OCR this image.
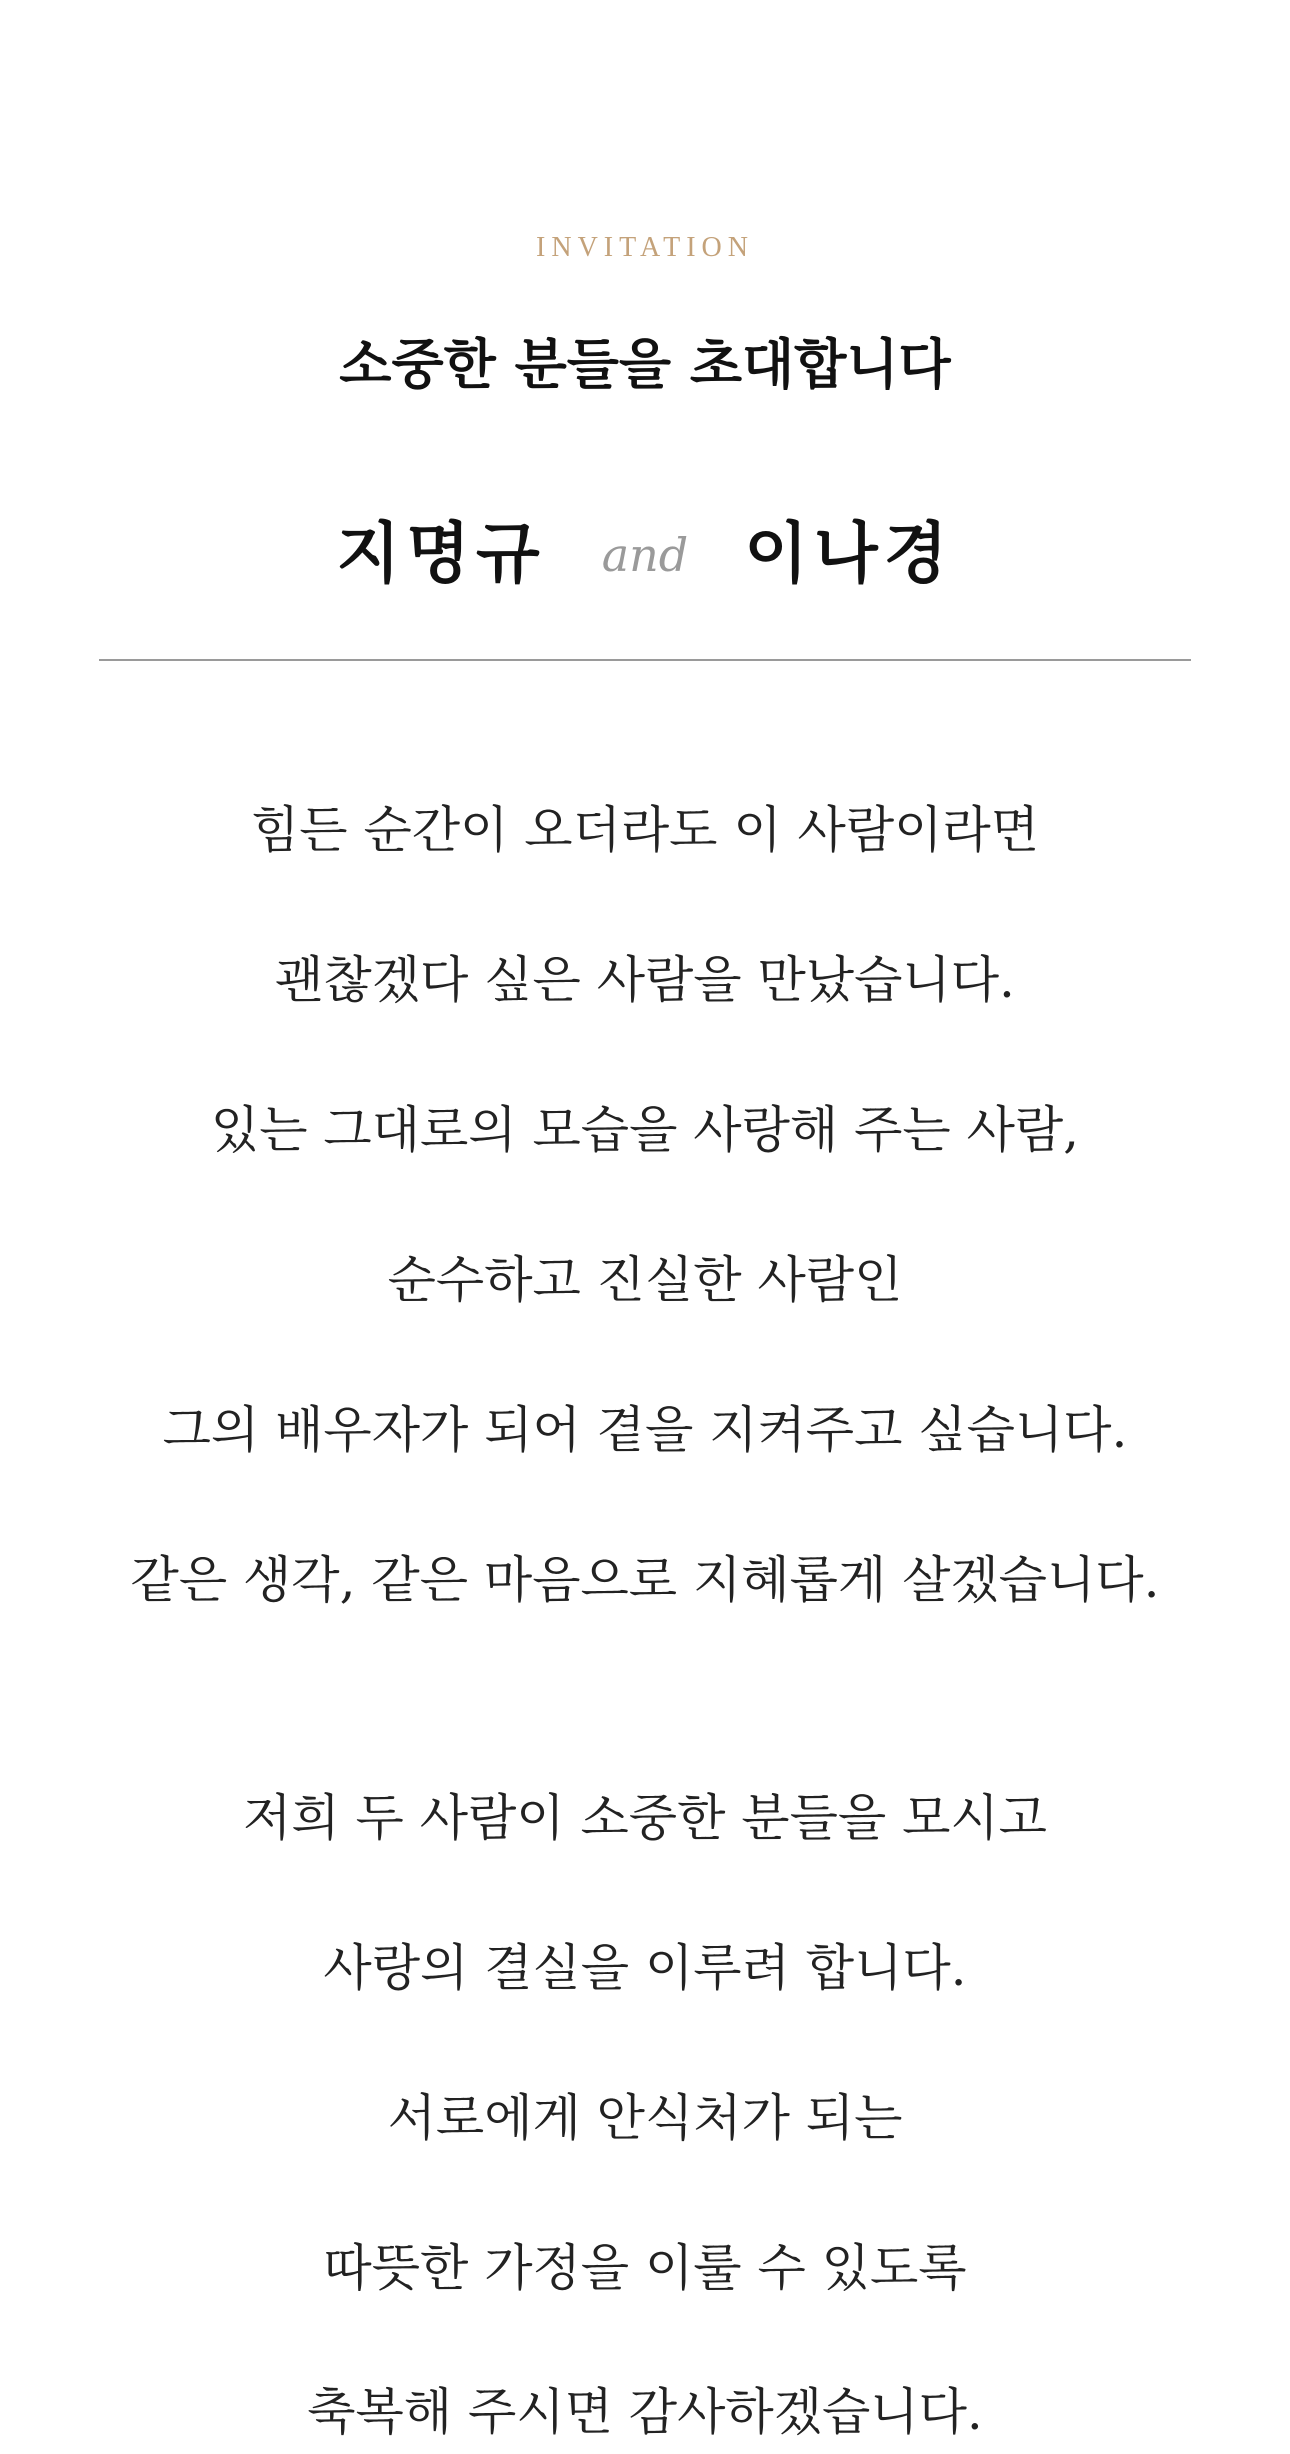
INVITATION
소중한 분들을 초대합니다
지명규 and 이나경
힘든 순간이 오더라도 이 사람이라면
괜찮겠다 싶은 사람을 만났습니다.
있는 그대로의 모습을 사랑해 주는 사람,
순수하고 진실한 사람인
그의 배우자가 되어 곁을 지켜주고 싶습니다.
같은 생각, 같은 마음으로 지혜롭게 살겠습니다.
저희 두 사람이 소중한 분들을 모시고
사랑의 결실을 이루려 합니다.
서로에게 안식처가 되는
따뜻한 가정을 이룰 수 있도록
축복해 주시면 감사하겠습니다.
